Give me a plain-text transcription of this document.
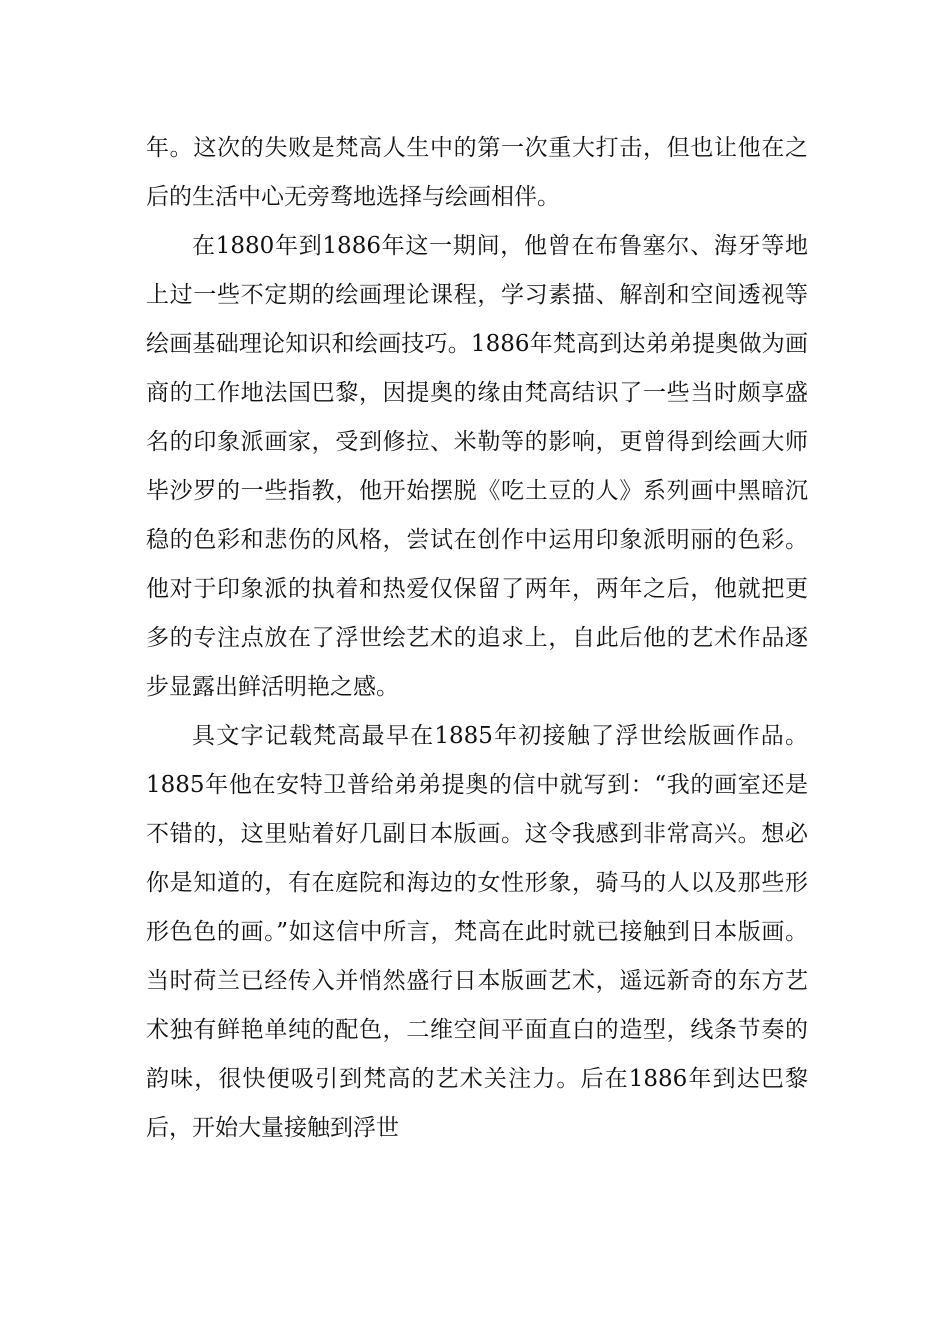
年。这次的失败是梵高人生中的第一次重大打击，但也让他在之后的生活中心无旁骛地选择与绘画相伴。

在1880年到1886年这一期间，他曾在布鲁塞尔、海牙等地上过一些不定期的绘画理论课程，学习素描、解剖和空间透视等绘画基础理论知识和绘画技巧。1886年梵高到达弟弟提奥做为画商的工作地法国巴黎，因提奥的缘由梵高结识了一些当时颇享盛名的印象派画家，受到修拉、米勒等的影响，更曾得到绘画大师毕沙罗的一些指教，他开始摆脱《吃土豆的人》系列画中黑暗沉稳的色彩和悲伤的风格，尝试在创作中运用印象派明丽的色彩。他对于印象派的执着和热爱仅保留了两年，两年之后，他就把更多的专注点放在了浮世绘艺术的追求上，自此后他的艺术作品逐步显露出鲜活明艳之感。

具文字记载梵高最早在1885年初接触了浮世绘版画作品。1885年他在安特卫普给弟弟提奥的信中就写到：“我的画室还是不错的，这里贴着好几副日本版画。这令我感到非常高兴。想必你是知道的，有在庭院和海边的女性形象，骑马的人以及那些形形色色的画。”如这信中所言，梵高在此时就已接触到日本版画。当时荷兰已经传入并悄然盛行日本版画艺术，遥远新奇的东方艺术独有鲜艳单纯的配色，二维空间平面直白的造型，线条节奏的韵味，很快便吸引到梵高的艺术关注力。后在1886年到达巴黎后，开始大量接触到浮世
